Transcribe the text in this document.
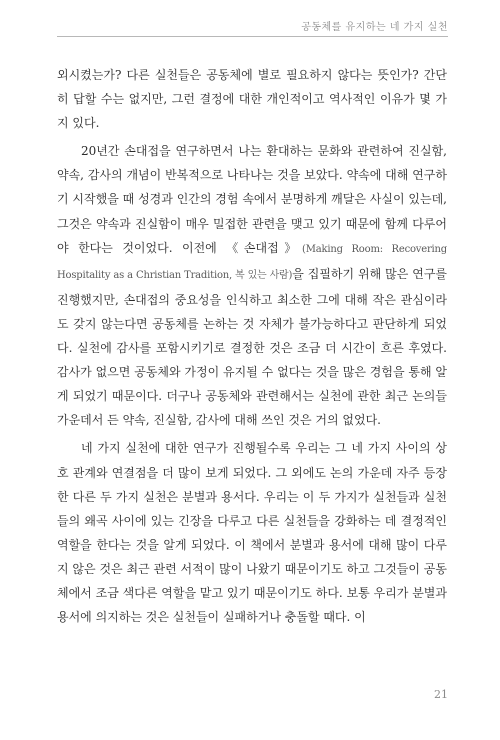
공동체를 유지하는 네 가지 실천

외시켰는가? 다른 실천들은 공동체에 별로 필요하지 않다는 뜻인가? 간단히 답할 수는 없지만, 그런 결정에 대한 개인적이고 역사적인 이유가 몇 가지 있다.

20년간 손대접을 연구하면서 나는 환대하는 문화와 관련하여 진실함, 약속, 감사의 개념이 반복적으로 나타나는 것을 보았다. 약속에 대해 연구하기 시작했을 때 성경과 인간의 경험 속에서 분명하게 깨달은 사실이 있는데, 그것은 약속과 진실함이 매우 밀접한 관련을 맺고 있기 때문에 함께 다루어야 한다는 것이었다. 이전에 《손대접》(Making Room: Recovering Hospitality as a Christian Tradition, 복 있는 사람)을 집필하기 위해 많은 연구를 진행했지만, 손대접의 중요성을 인식하고 최소한 그에 대해 작은 관심이라도 갖지 않는다면 공동체를 논하는 것 자체가 불가능하다고 판단하게 되었다. 실천에 감사를 포함시키기로 결정한 것은 조금 더 시간이 흐른 후였다. 감사가 없으면 공동체와 가정이 유지될 수 없다는 것을 많은 경험을 통해 알게 되었기 때문이다. 더구나 공동체와 관련해서는 실천에 관한 최근 논의들 가운데서 든 약속, 진실함, 감사에 대해 쓰인 것은 거의 없었다.

네 가지 실천에 대한 연구가 진행될수록 우리는 그 네 가지 사이의 상호 관계와 연결점을 더 많이 보게 되었다. 그 외에도 논의 가운데 자주 등장한 다른 두 가지 실천은 분별과 용서다. 우리는 이 두 가지가 실천들과 실천들의 왜곡 사이에 있는 긴장을 다루고 다른 실천들을 강화하는 데 결정적인 역할을 한다는 것을 알게 되었다. 이 책에서 분별과 용서에 대해 많이 다루지 않은 것은 최근 관련 서적이 많이 나왔기 때문이기도 하고 그것들이 공동체에서 조금 색다른 역할을 맡고 있기 때문이기도 하다. 보통 우리가 분별과 용서에 의지하는 것은 실천들이 실패하거나 충돌할 때다. 이

21
